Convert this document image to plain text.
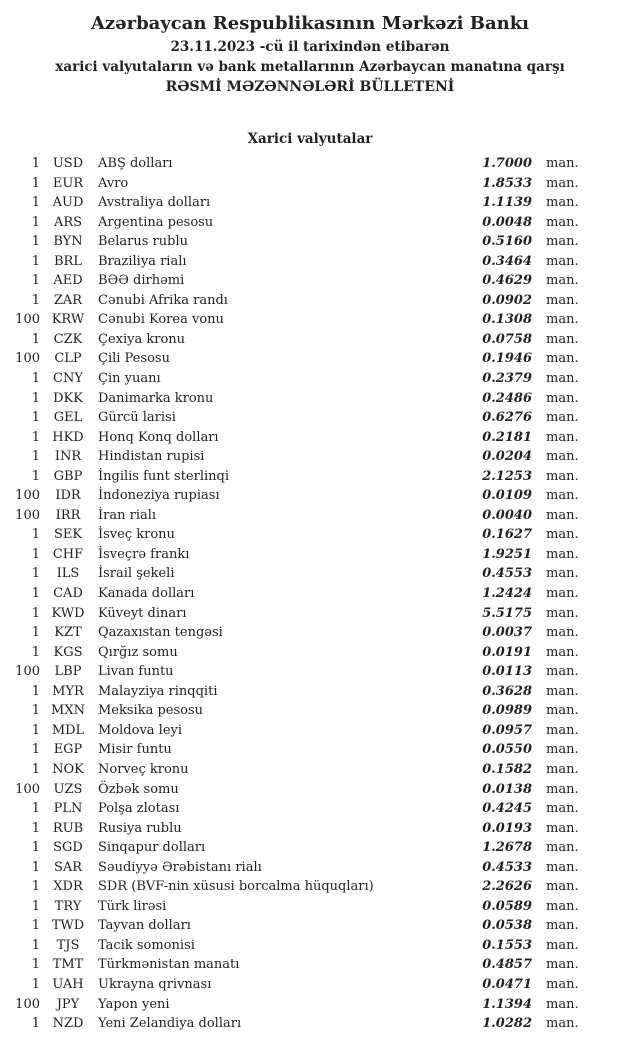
Azərbaycan Respublikasının Mərkəzi Bankı
23.11.2023 -cü il tarixindən etibarən
xarici valyutaların və bank metallarının Azərbaycan manatına qarşı
RƏSMİ MƏZƏNNƏLƏRİ BÜLLETENİ
Xarici valyutalar
1 USD	ABŞ dolları	1.7000 man.
1 EUR	Avro	1.8533 man.
1 AUD	Avstraliya dolları	1.1139 man.
1	ARS	Argentina pesosu	0.0048 man.
1	BYN	Belarus rublu	0.5160 man.
1	BRL	Braziliya rialı	0.3464 man.
1	AED	BƏƏ dirhəmi	0.4629 man.
1	ZAR	Cənubi Afrika randı	0.0902 man.
100 KRW	Cənubi Korea vonu	0.1308 man.
1	CZK	Çexiya kronu	0.0758 man.
100	CLP	Çili Pesosu	0.1946 man.
1	CNY	Çin yuanı	0.2379 man.
1	DKK	Danimarka kronu	0.2486 man.
1	GEL	Gürcü larisi	0.6276 man.
1 HKD	Honq Konq dolları	0.2181 man.
1	INR	Hindistan rupisi	0.0204 man.
1	GBP	İngilis funt sterlinqi	2.1253 man.
100	IDR	İndoneziya rupiası	0.0109 man.
100	IRR	İran rialı	0.0040 man.
1	SEK	İsveç kronu	0.1627 man.
1 CHF	İsveçrə frankı	1.9251 man.
1	ILS	İsrail şekeli	0.4553 man.
1	CAD	Kanada dolları	1.2424 man.
1 KWD	Küveyt dinarı	5.5175 man.
1	KZT	Qazaxıstan tengəsi	0.0037 man.
1	KGS	Qırğız somu	0.0191 man.
100	LBP	Livan funtu	0.0113 man.
1 MYR	Malayziya rinqqiti	0.3628 man.
1 MXN	Meksika pesosu	0.0989 man.
1 MDL	Moldova leyi	0.0957 man.
1	EGP	Misir funtu	0.0550 man.
1 NOK	Norveç kronu	0.1582 man.
100	UZS	Özbək somu	0.0138 man.
1	PLN	Polşa zlotası	0.4245 man.
1 RUB	Rusiya rublu	0.0193 man.
1	SGD	Sinqapur dolları	1.2678 man.
1	SAR	Səudiyyə Ərəbistanı rialı	0.4533 man.
1	XDR	SDR (BVF-nin xüsusi borcalma hüquqları)	2.2626 man.
1	TRY	Türk lirəsi	0.0589 man.
1 TWD	Tayvan dolları	0.0538 man.
1	TJS	Tacik somonisi	0.1553 man.
1 TMT	Türkmənistan manatı	0.4857 man.
1 UAH	Ukrayna qrivnası	0.0471 man.
100	JPY	Yapon yeni	1.1394 man.
1 NZD	Yeni Zelandiya dolları	1.0282 man.
